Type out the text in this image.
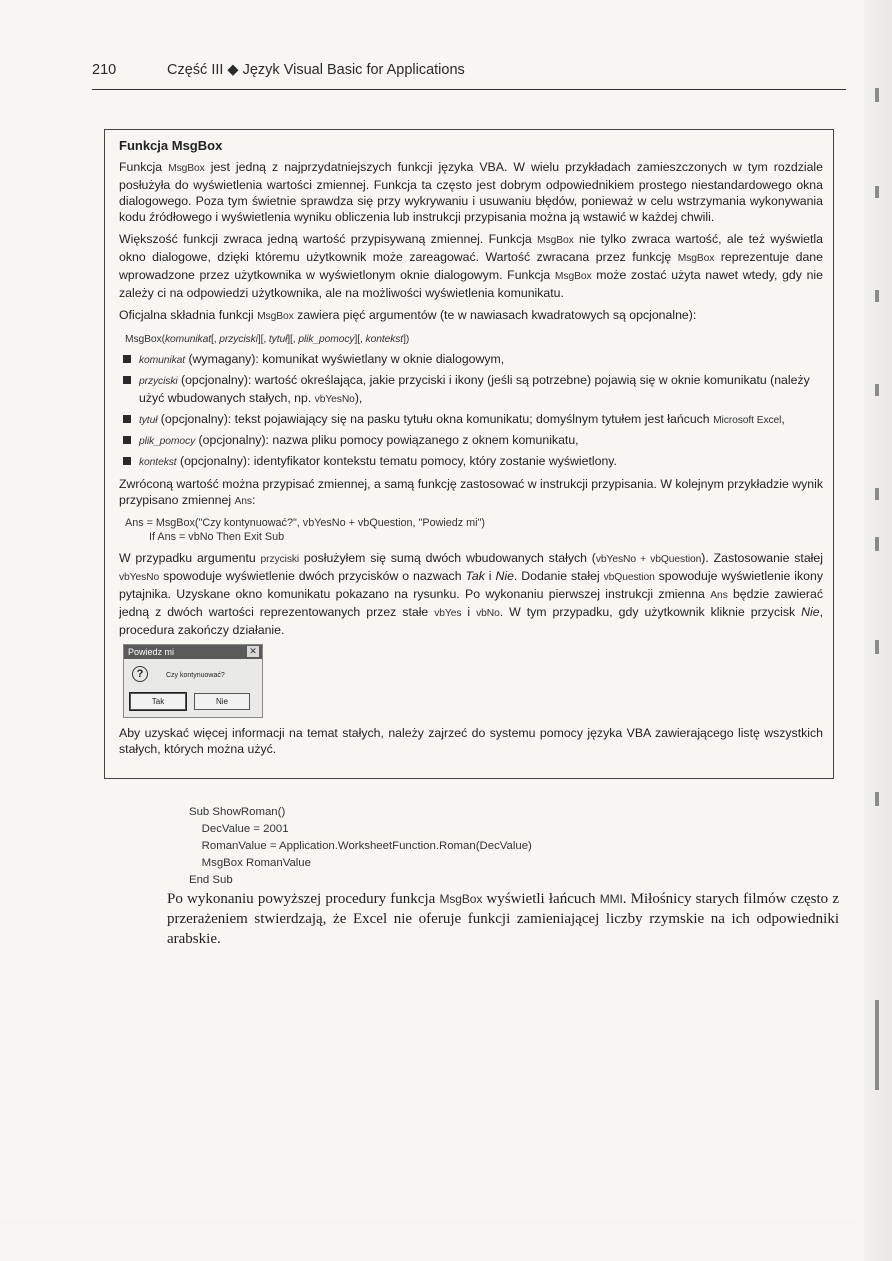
210	Część III ◆ Język Visual Basic for Applications
Funkcja MsgBox

Funkcja MsgBox jest jedną z najprzydatniejszych funkcji języka VBA. W wielu przykładach zamieszczonych w tym rozdziale posłużyła do wyświetlenia wartości zmiennej. Funkcja ta często jest dobrym odpowiednikiem prostego niestandardowego okna dialogowego. Poza tym świetnie sprawdza się przy wykrywaniu i usuwaniu błędów, ponieważ w celu wstrzymania wykonywania kodu źródłowego i wyświetlenia wyniku obliczenia lub instrukcji przypisania można ją wstawić w każdej chwili.

Większość funkcji zwraca jedną wartość przypisywaną zmiennej. Funkcja MsgBox nie tylko zwraca wartość, ale też wyświetla okno dialogowe, dzięki któremu użytkownik może zareagować. Wartość zwracana przez funkcję MsgBox reprezentuje dane wprowadzone przez użytkownika w wyświetlonym oknie dialogowym. Funkcja MsgBox może zostać użyta nawet wtedy, gdy nie zależy ci na odpowiedzi użytkownika, ale na możliwości wyświetlenia komunikatu.

Oficjalna składnia funkcji MsgBox zawiera pięć argumentów (te w nawiasach kwadratowych są opcjonalne):

MsgBox(komunikat[, przyciski][, tytuł][, plik_pomocy][, kontekst])
komunikat (wymagany): komunikat wyświetlany w oknie dialogowym,
przyciski (opcjonalny): wartość określająca, jakie przyciski i ikony (jeśli są potrzebne) pojawią się w oknie komunikatu (należy użyć wbudowanych stałych, np. vbYesNo),
tytuł (opcjonalny): tekst pojawiający się na pasku tytułu okna komunikatu; domyślnym tytułem jest łańcuch Microsoft Excel,
plik_pomocy (opcjonalny): nazwa pliku pomocy powiązanego z oknem komunikatu,
kontekst (opcjonalny): identyfikator kontekstu tematu pomocy, który zostanie wyświetlony.

Zwróconą wartość można przypisać zmiennej, a samą funkcję zastosować w instrukcji przypisania. W kolejnym przykładzie wynik przypisano zmiennej Ans:

Ans = MsgBox("Czy kontynuować?", vbYesNo + vbQuestion, "Powiedz mi")
If Ans = vbNo Then Exit Sub

W przypadku argumentu przyciski posłużyłem się sumą dwóch wbudowanych stałych (vbYesNo + vbQuestion). Zastosowanie stałej vbYesNo spowoduje wyświetlenie dwóch przycisków o nazwach Tak i Nie. Dodanie stałej vbQuestion spowoduje wyświetlenie ikony pytajnika. Uzyskane okno komunikatu pokazano na rysunku. Po wykonaniu pierwszej instrukcji zmienna Ans będzie zawierać jedną z dwóch wartości reprezentowanych przez stałe vbYes i vbNo. W tym przypadku, gdy użytkownik kliknie przycisk Nie, procedura zakończy działanie.

Powiedz mi	✕
?	Czy kontynuować?
Tak	Nie

Aby uzyskać więcej informacji na temat stałych, należy zajrzeć do systemu pomocy języka VBA zawierającego listę wszystkich stałych, których można użyć.

Sub ShowRoman()
DecValue = 2001
RomanValue = Application.WorksheetFunction.Roman(DecValue)
MsgBox RomanValue
End Sub
Po wykonaniu powyższej procedury funkcja MsgBox wyświetli łańcuch MMI. Miłośnicy starych filmów często z przerażeniem stwierdzają, że Excel nie oferuje funkcji zamieniającej liczby rzymskie na ich odpowiedniki arabskie.
